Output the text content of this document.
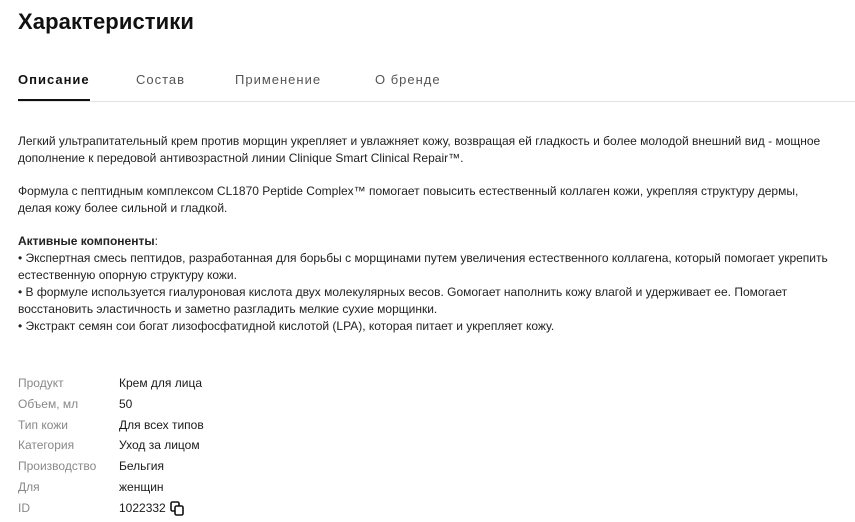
Характеристики
Описание	Состав	Применение	О бренде

Легкий ультрапитательный крем против морщин укрепляет и увлажняет кожу, возвращая ей гладкость и более молодой внешний вид - мощное дополнение к передовой антивозрастной линии Clinique Smart Clinical Repair™.

Формула с пептидным комплексом CL1870 Peptide Complex™ помогает повысить естественный коллаген кожи, укрепляя структуру дермы, делая кожу более сильной и гладкой.

Активные компоненты:

• Экспертная смесь пептидов, разработанная для борьбы с морщинами путем увеличения естественного коллагена, который помогает укрепить естественную опорную структуру кожи.

• В формуле используется гиалуроновая кислота двух молекулярных весов. Gомогает наполнить кожу влагой и удерживает ее. Помогает восстановить эластичность и заметно разгладить мелкие сухие морщинки.

• Экстракт семян сои богат лизофосфатидной кислотой (LPA), которая питает и укрепляет кожу.

Продукт	Крем для лица
Объем, мл	50
Тип кожи	Для всех типов
Категория	Уход за лицом
Производство	Бельгия
Для	женщин
ID	1022332
